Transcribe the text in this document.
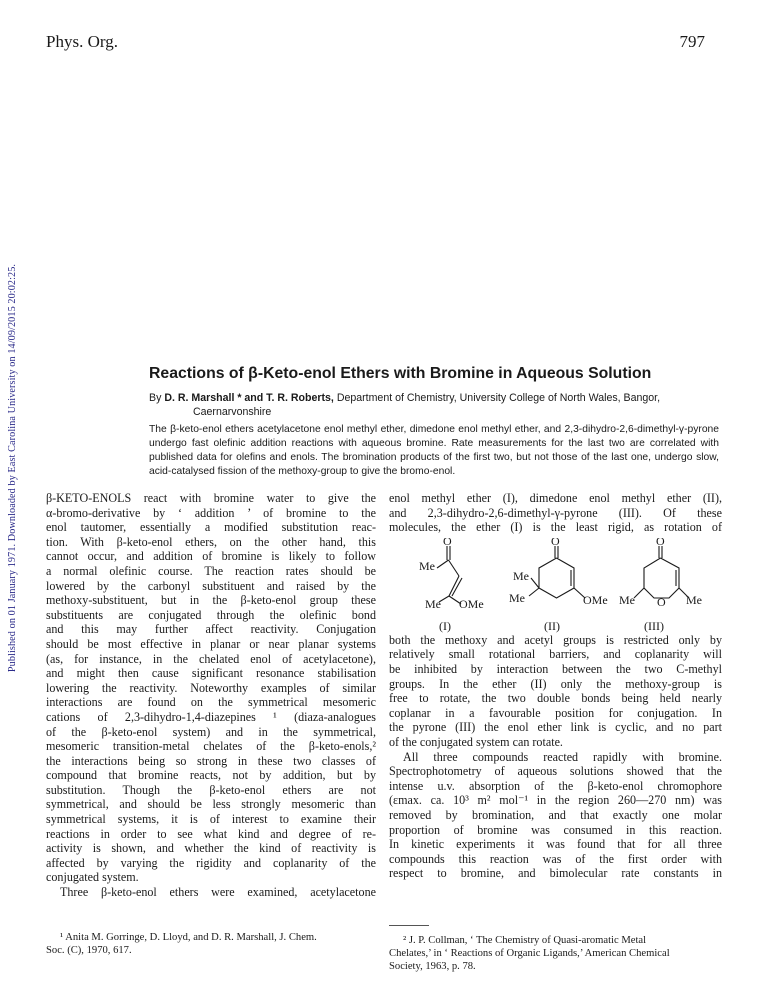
Phys. Org.	797
Published on 01 January 1971. Downloaded by East Carolina University on 14/09/2015 20:02:25.	Reactions of β-Keto-enol Ethers with Bromine in Aqueous Solution
By D. R. Marshall * and T. R. Roberts, Department of Chemistry, University College of North Wales, Bangor,
Caernarvonshire
The β-keto-enol ethers acetylacetone enol methyl ether, dimedone enol methyl ether, and 2,3-dihydro-2,6-dimethyl-γ-pyrone undergo fast olefinic addition reactions with aqueous bromine. Rate measurements for the last two are correlated with published data for olefins and enols. The bromination products of the first two, but not those of the last one, undergo slow, acid-catalysed fission of the methoxy-group to give the bromo-enol.

β-KETO-ENOLS react with bromine water to give the
α-bromo-derivative by ‘ addition ’ of bromine to the
enol tautomer, essentially a modified substitution reac-
tion. With β-keto-enol ethers, on the other hand, this
cannot occur, and addition of bromine is likely to follow
a normal olefinic course. The reaction rates should be
lowered by the carbonyl substituent and raised by the
methoxy-substituent, but in the β-keto-enol group these
substituents are conjugated through the olefinic bond
and this may further affect reactivity. Conjugation
should be most effective in planar or near planar systems
(as, for instance, in the chelated enol of acetylacetone),
and might then cause significant resonance stabilisation
lowering the reactivity. Noteworthy examples of similar
interactions are found on the symmetrical mesomeric
cations of 2,3-dihydro-1,4-diazepines ¹ (diaza-analogues
of the β-keto-enol system) and in the symmetrical,
mesomeric transition-metal chelates of the β-keto-enols,²
the interactions being so strong in these two classes of
compound that bromine reacts, not by addition, but by
substitution. Though the β-keto-enol ethers are not
symmetrical, and should be less strongly mesomeric than
symmetrical systems, it is of interest to examine their
reactions in order to see what kind and degree of re-
activity is shown, and whether the kind of reactivity is
affected by varying the rigidity and coplanarity of the
conjugated system.

Three β-keto-enol ethers were examined, acetylacetone

¹ Anita M. Gorringe, D. Lloyd, and D. R. Marshall, J. Chem.
Soc. (C), 1970, 617.

enol methyl ether (I), dimedone enol methyl ether (II),
and 2,3-dihydro-2,6-dimethyl-γ-pyrone (III). Of these
molecules, the ether (I) is the least rigid, as rotation of

both the methoxy and acetyl groups is restricted only by
relatively small rotational barriers, and coplanarity will
be inhibited by interaction between the two C-methyl
groups. In the ether (II) only the methoxy-group is
free to rotate, the two double bonds being held nearly
coplanar in a favourable position for conjugation. In
the pyrone (III) the enol ether link is cyclic, and no part
of the conjugated system can rotate.

All three compounds reacted rapidly with bromine.
Spectrophotometry of aqueous solutions showed that the
intense u.v. absorption of the β-keto-enol chromophore
(εmax. ca. 10³ m² mol⁻¹ in the region 260—270 nm) was
removed by bromination, and that exactly one molar
proportion of bromine was consumed in this reaction.
In kinetic experiments it was found that for all three
compounds this reaction was of the first order with
respect to bromine, and bimolecular rate constants in

O
Me
Me OMe
O
Me
Me	OMe
O
Me O Me
(I)	(II)	(III)
² J. P. Collman, ‘ The Chemistry of Quasi-aromatic Metal
Chelates,’ in ‘ Reactions of Organic Ligands,’ American Chemical
Society, 1963, p. 78.
